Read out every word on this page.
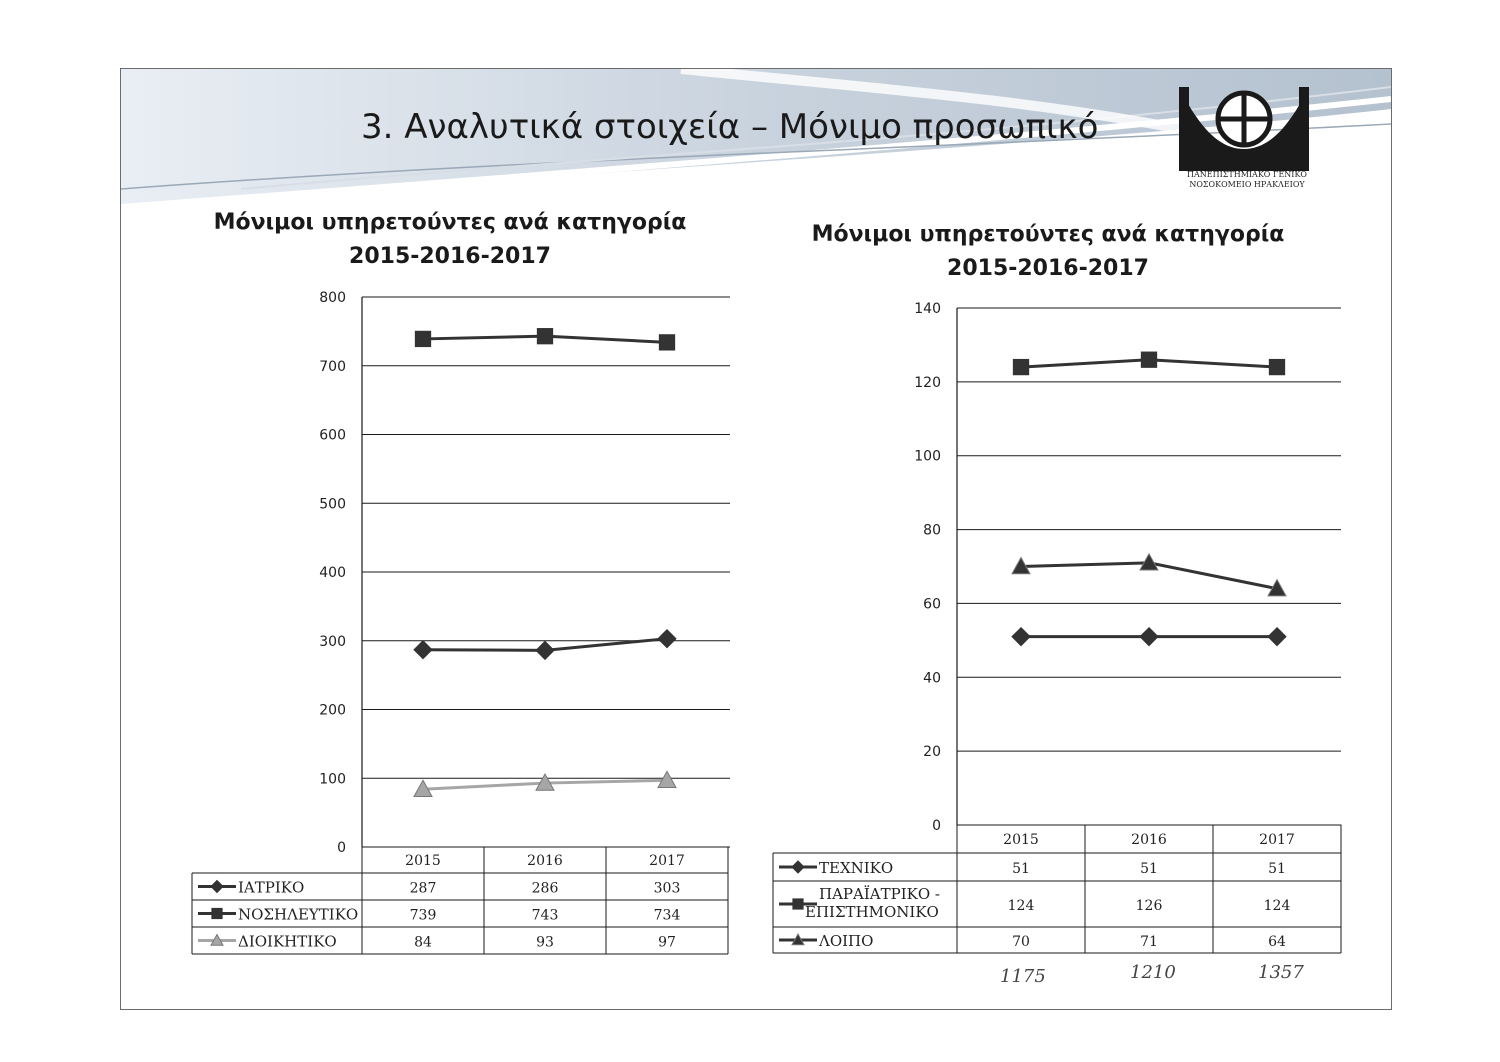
3. Αναλυτικά στοιχεία – Μόνιμο προσωπικό
ΠΑΝΕΠΙΣΤΗΜΙΑΚΟ ΓΕΝΙΚΟ
ΝΟΣΟΚΟΜΕΙΟ ΗΡΑΚΛΕΙΟΥ
Μόνιμοι υπηρετούντες ανά κατηγορία
2015-2016-2017
Μόνιμοι υπηρετούντες ανά κατηγορία
2015-2016-2017
0
100
200
300
400
500
600
700
800
2015	2016	2017
ΙΑΤΡΙΚΟ	287	286	303
ΝΟΣΗΛΕΥΤΙΚΟ	739	743	734
ΔΙΟΙΚΗΤΙΚΟ	84	93	97
0
20
40
60
80
100
120
140
2015	2016	2017
ΤΕΧΝΙΚΟ	51	51	51
ΠΑΡΑΪΑΤΡΙΚΟ -ΕΠΙΣΤΗΜΟΝΙΚΟ	124	126	124
ΛΟΙΠΟ	70	71	64
1175	1210	1357
